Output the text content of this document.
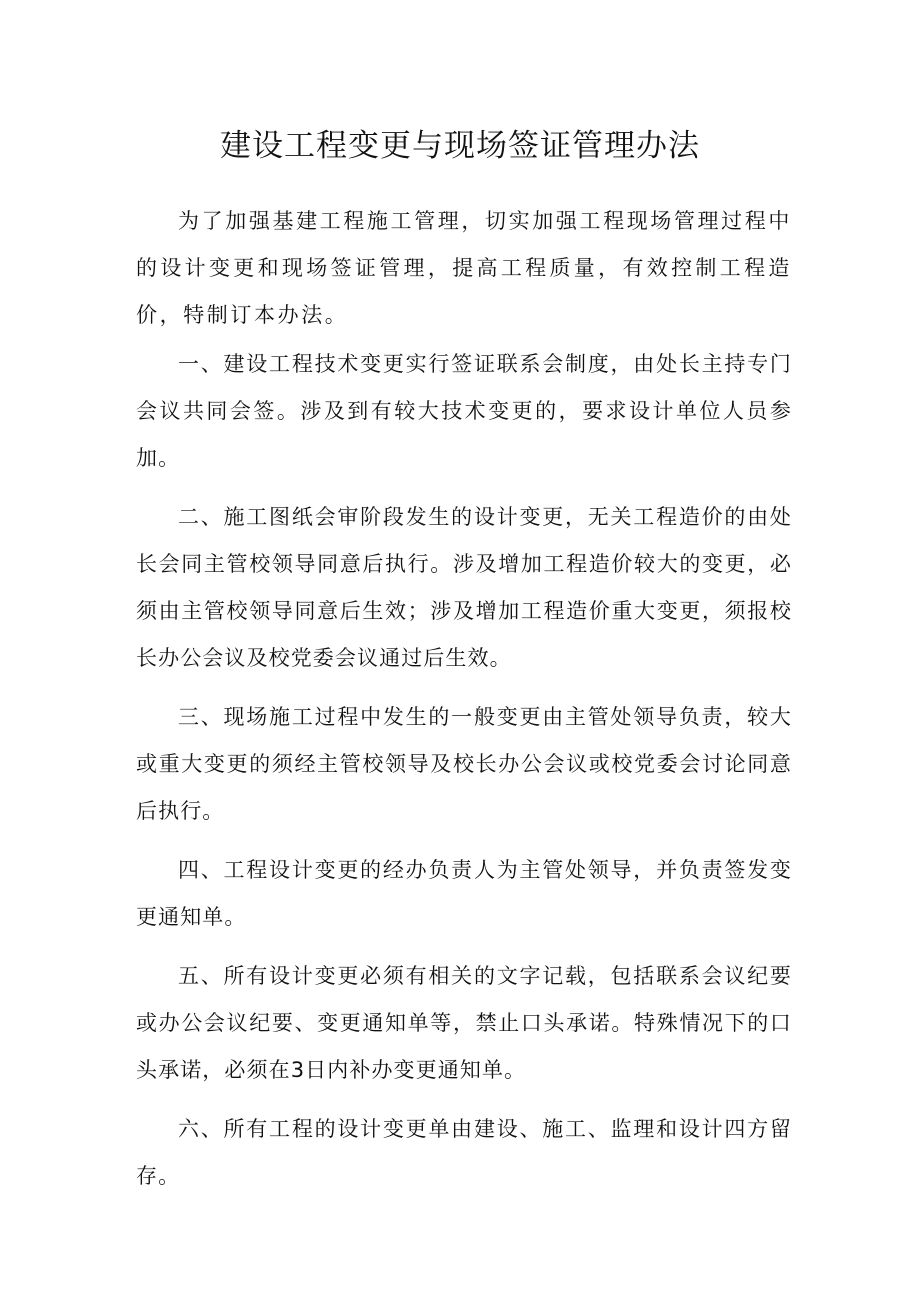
建设工程变更与现场签证管理办法

为了加强基建工程施工管理，切实加强工程现场管理过程中的设计变更和现场签证管理，提高工程质量，有效控制工程造价，特制订本办法。

一、建设工程技术变更实行签证联系会制度，由处长主持专门会议共同会签。涉及到有较大技术变更的，要求设计单位人员参加。

二、施工图纸会审阶段发生的设计变更，无关工程造价的由处长会同主管校领导同意后执行。涉及增加工程造价较大的变更，必须由主管校领导同意后生效；涉及增加工程造价重大变更，须报校长办公会议及校党委会议通过后生效。

三、现场施工过程中发生的一般变更由主管处领导负责，较大或重大变更的须经主管校领导及校长办公会议或校党委会讨论同意后执行。

四、工程设计变更的经办负责人为主管处领导，并负责签发变更通知单。

五、所有设计变更必须有相关的文字记载，包括联系会议纪要或办公会议纪要、变更通知单等，禁止口头承诺。特殊情况下的口头承诺，必须在3日内补办变更通知单。

六、所有工程的设计变更单由建设、施工、监理和设计四方留存。
